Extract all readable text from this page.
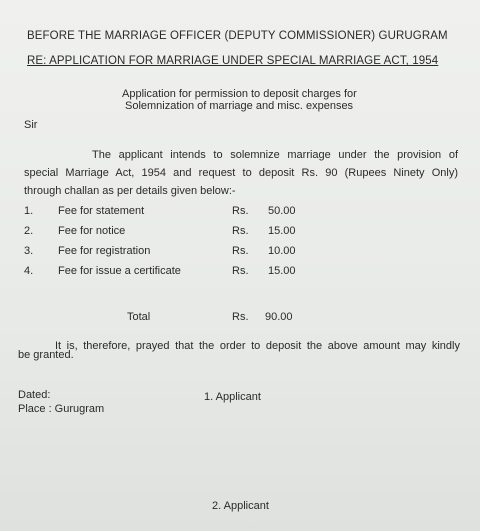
BEFORE THE MARRIAGE OFFICER (DEPUTY COMMISSIONER) GURUGRAM
RE: APPLICATION FOR MARRIAGE UNDER SPECIAL MARRIAGE ACT, 1954
Application for permission to deposit charges for
Solemnization of marriage and misc. expenses
Sir
The applicant intends to solemnize marriage under the provision of
special Marriage Act, 1954 and request to deposit Rs. 90 (Rupees Ninety Only)
through challan as per details given below:-
1. Fee for statement	Rs. 50.00
2. Fee for notice	Rs. 15.00
3. Fee for registration	Rs. 10.00
4. Fee for issue a certificate	Rs. 15.00
Total	Rs. 90.00
It is, therefore, prayed that the order to deposit the above amount may kindly
be granted.
Dated:
Place : Gurugram
1. Applicant
2. Applicant
